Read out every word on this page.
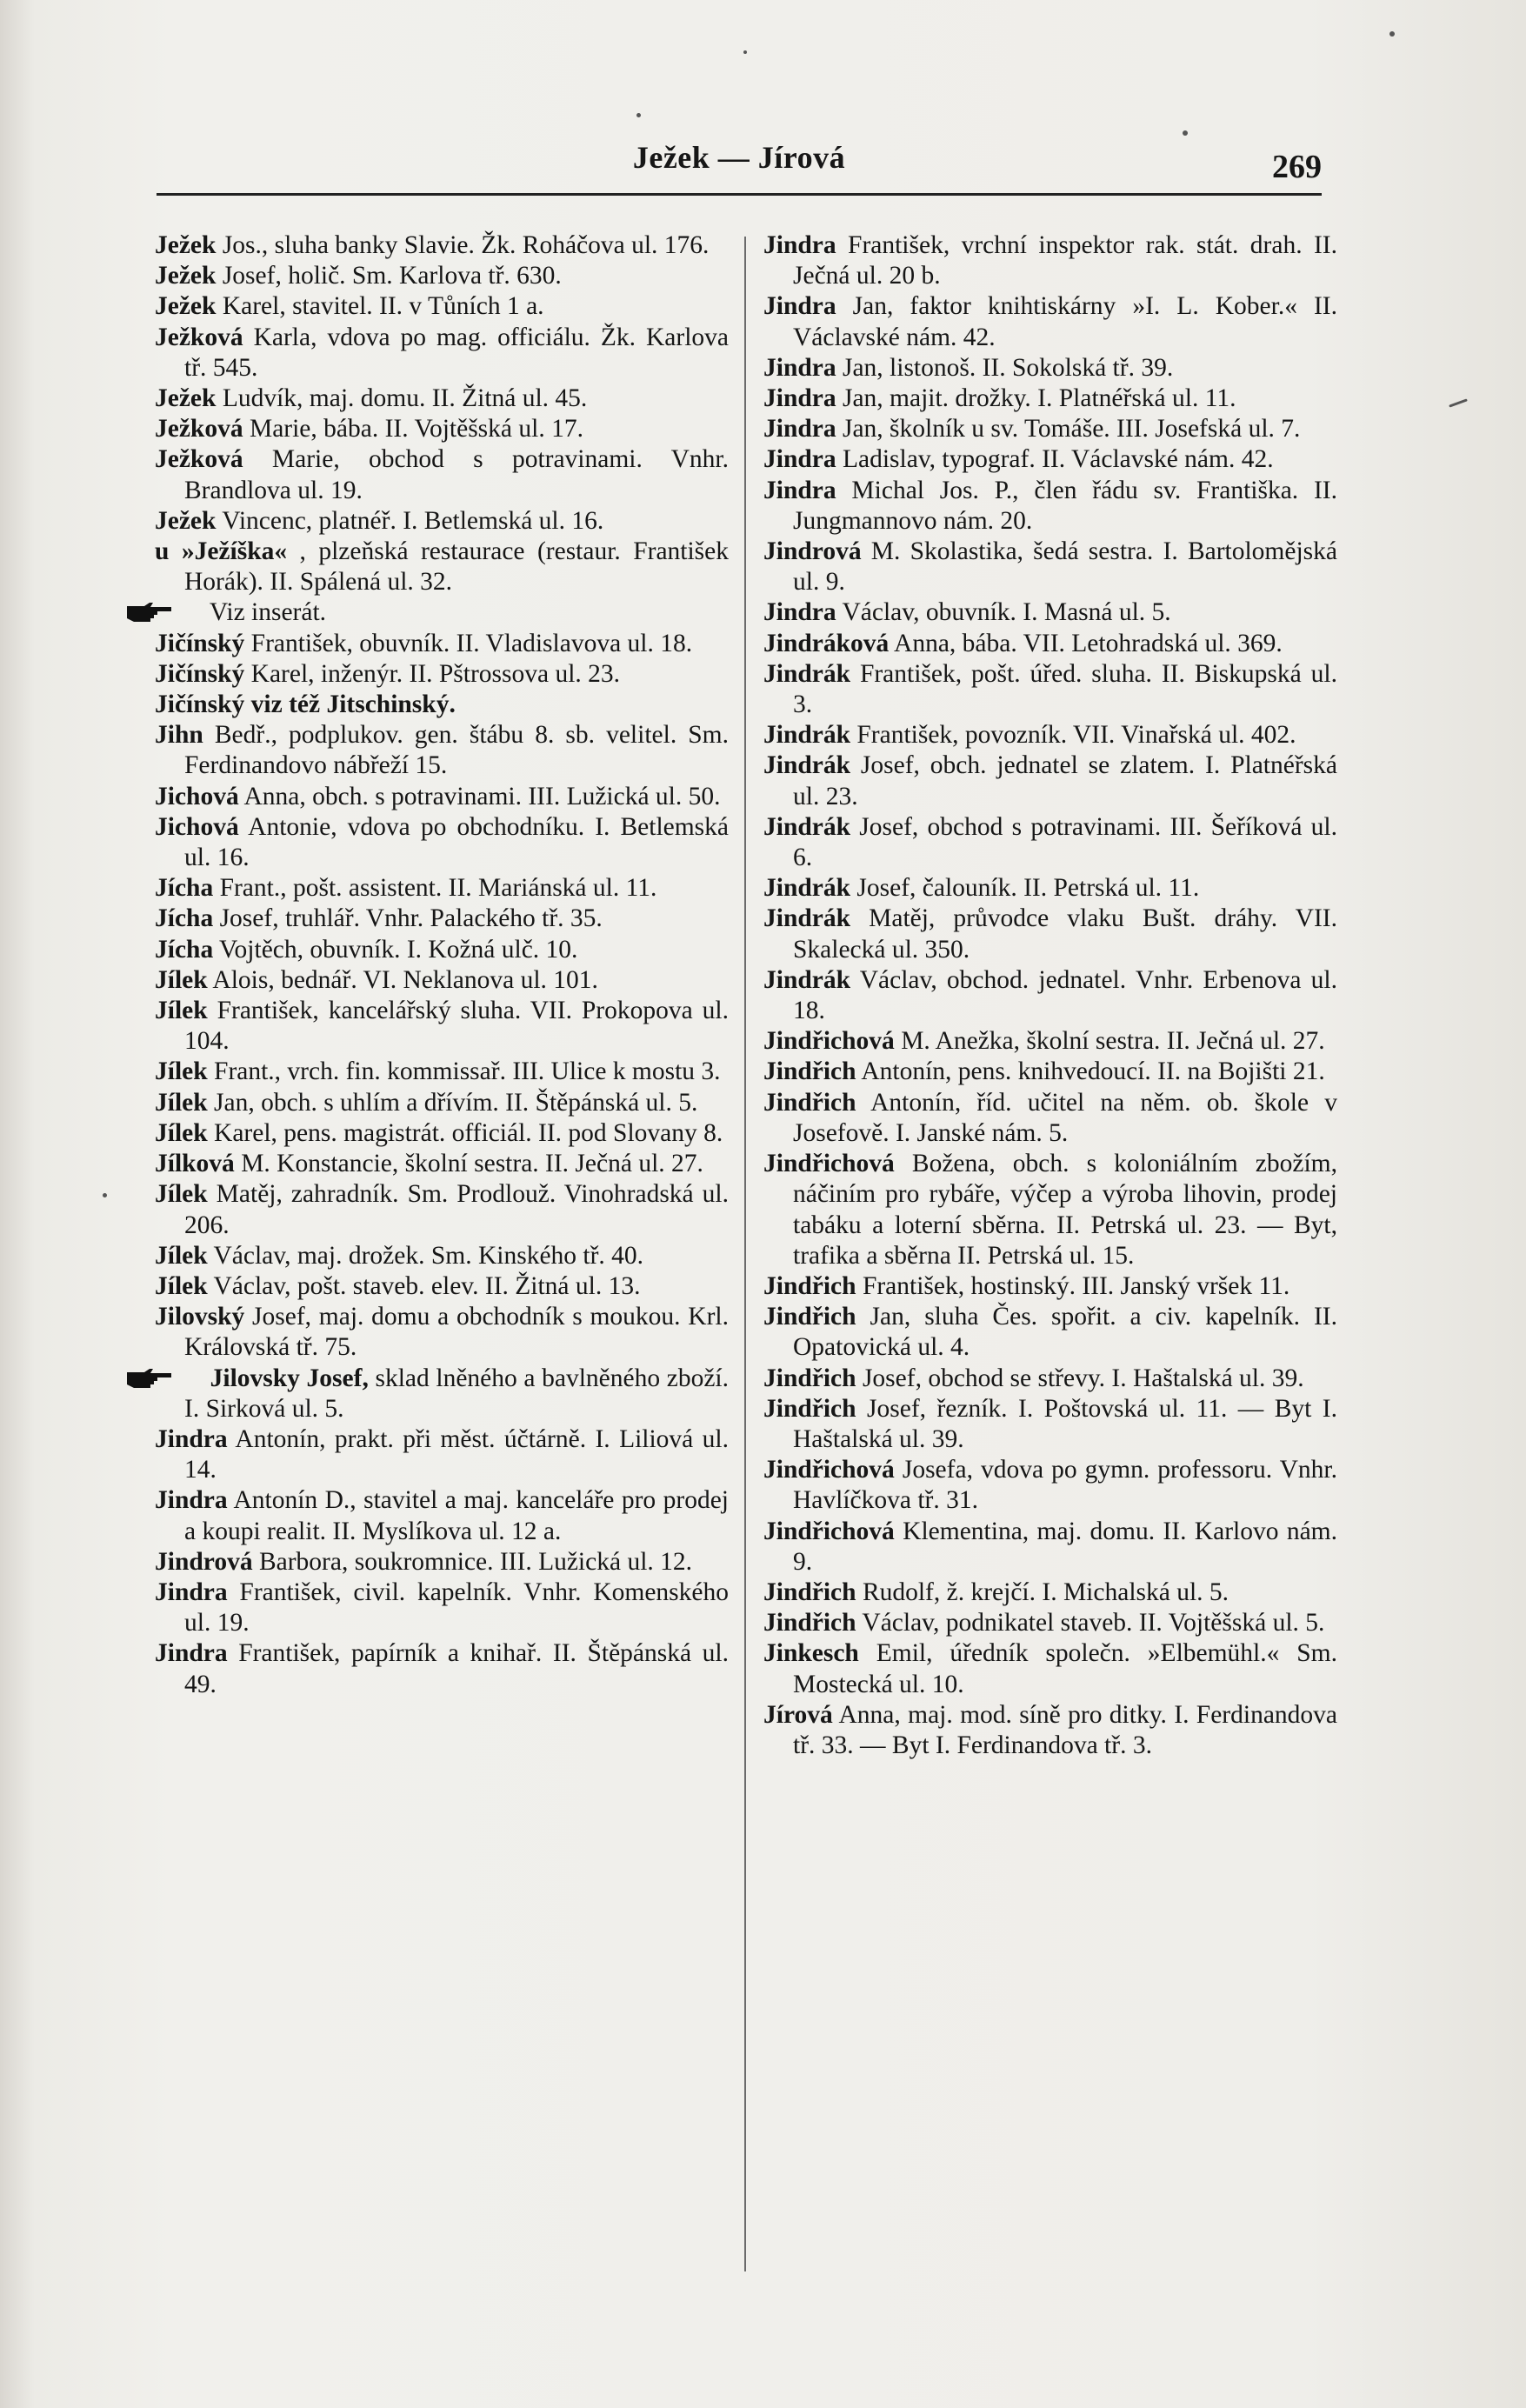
Ježek — Jírová	269

Ježek Jos., sluha banky Slavie. Žk. Roháčova ul. 176.

Ježek Josef, holič. Sm. Karlova tř. 630.

Ježek Karel, stavitel. II. v Tůních 1 a.

Ježková Karla, vdova po mag. officiálu. Žk. Karlova tř. 545.

Ježek Ludvík, maj. domu. II. Žitná ul. 45.

Ježková Marie, bába. II. Vojtěšská ul. 17.

Ježková Marie, obchod s potravinami. Vnhr. Brandlova ul. 19.

Ježek Vincenc, platnéř. I. Betlemská ul. 16.

u »Ježíška« , plzeňská restaurace (restaur. František Horák). II. Spálená ul. 32.

Viz inserát.

Jičínský František, obuvník. II. Vladislavova ul. 18.

Jičínský Karel, inženýr. II. Pštrossova ul. 23.

Jičínský viz též Jitschinský.

Jihn Bedř., podplukov. gen. štábu 8. sb. velitel. Sm. Ferdinandovo nábřeží 15.

Jichová Anna, obch. s potravinami. III. Lužická ul. 50.

Jichová Antonie, vdova po obchodníku. I. Betlemská ul. 16.

Jícha Frant., pošt. assistent. II. Mariánská ul. 11.

Jícha Josef, truhlář. Vnhr. Palackého tř. 35.

Jícha Vojtěch, obuvník. I. Kožná ulč. 10.

Jílek Alois, bednář. VI. Neklanova ul. 101.

Jílek František, kancelářský sluha. VII. Prokopova ul. 104.

Jílek Frant., vrch. fin. kommissař. III. Ulice k mostu 3.

Jílek Jan, obch. s uhlím a dřívím. II. Štěpánská ul. 5.

Jílek Karel, pens. magistrát. officiál. II. pod Slovany 8.

Jílková M. Konstancie, školní sestra. II. Ječná ul. 27.

Jílek Matěj, zahradník. Sm. Prodlouž. Vinohradská ul. 206.

Jílek Václav, maj. drožek. Sm. Kinského tř. 40.

Jílek Václav, pošt. staveb. elev. II. Žitná ul. 13.

Jilovský Josef, maj. domu a obchodník s moukou. Krl. Královská tř. 75.

Jilovsky Josef, sklad lněného a bavlněného zboží. I. Sirková ul. 5.

Jindra Antonín, prakt. při měst. účtárně. I. Liliová ul. 14.

Jindra Antonín D., stavitel a maj. kanceláře pro prodej a koupi realit. II. Myslíkova ul. 12 a.

Jindrová Barbora, soukromnice. III. Lužická ul. 12.

Jindra František, civil. kapelník. Vnhr. Komenského ul. 19.

Jindra František, papírník a knihař. II. Štěpánská ul. 49.

Jindra František, vrchní inspektor rak. stát. drah. II. Ječná ul. 20 b.

Jindra Jan, faktor knihtiskárny »I. L. Kober.« II. Václavské nám. 42.

Jindra Jan, listonoš. II. Sokolská tř. 39.

Jindra Jan, majit. drožky. I. Platnéřská ul. 11.

Jindra Jan, školník u sv. Tomáše. III. Josefská ul. 7.

Jindra Ladislav, typograf. II. Václavské nám. 42.

Jindra Michal Jos. P., člen řádu sv. Františka. II. Jungmannovo nám. 20.

Jindrová M. Skolastika, šedá sestra. I. Bartolomějská ul. 9.

Jindra Václav, obuvník. I. Masná ul. 5.

Jindráková Anna, bába. VII. Letohradská ul. 369.

Jindrák František, pošt. úřed. sluha. II. Biskupská ul. 3.

Jindrák František, povozník. VII. Vinařská ul. 402.

Jindrák Josef, obch. jednatel se zlatem. I. Platnéřská ul. 23.

Jindrák Josef, obchod s potravinami. III. Šeříková ul. 6.

Jindrák Josef, čalouník. II. Petrská ul. 11.

Jindrák Matěj, průvodce vlaku Bušt. dráhy. VII. Skalecká ul. 350.

Jindrák Václav, obchod. jednatel. Vnhr. Erbenova ul. 18.

Jindřichová M. Anežka, školní sestra. II. Ječná ul. 27.

Jindřich Antonín, pens. knihvedoucí. II. na Bojišti 21.

Jindřich Antonín, říd. učitel na něm. ob. škole v Josefově. I. Janské nám. 5.

Jindřichová Božena, obch. s koloniálním zbožím, náčiním pro rybáře, výčep a výroba lihovin, prodej tabáku a loterní sběrna. II. Petrská ul. 23. — Byt, trafika a sběrna II. Petrská ul. 15.

Jindřich František, hostinský. III. Janský vršek 11.

Jindřich Jan, sluha Čes. spořit. a civ. kapelník. II. Opatovická ul. 4.

Jindřich Josef, obchod se střevy. I. Haštalská ul. 39.

Jindřich Josef, řezník. I. Poštovská ul. 11. — Byt I. Haštalská ul. 39.

Jindřichová Josefa, vdova po gymn. professoru. Vnhr. Havlíčkova tř. 31.

Jindřichová Klementina, maj. domu. II. Karlovo nám. 9.

Jindřich Rudolf, ž. krejčí. I. Michalská ul. 5.

Jindřich Václav, podnikatel staveb. II. Vojtěšská ul. 5.

Jinkesch Emil, úředník společn. »Elbemühl.« Sm. Mostecká ul. 10.

Jírová Anna, maj. mod. síně pro ditky. I. Ferdinandova tř. 33. — Byt I. Ferdinandova tř. 3.
